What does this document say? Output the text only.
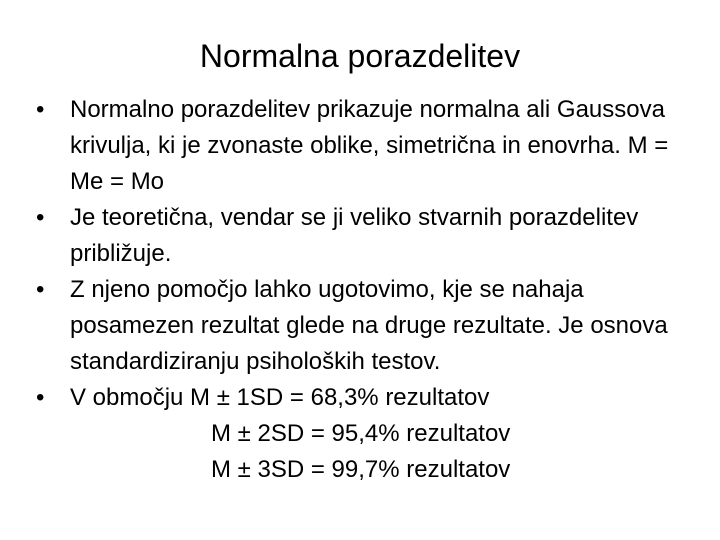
Normalna porazdelitev
•	Normalno porazdelitev prikazuje normalna ali Gaussova krivulja, ki je zvonaste oblike, simetrična in enovrha. M = Me = Mo
•	Je teoretična, vendar se ji veliko stvarnih porazdelitev približuje.
•	Z njeno pomočjo lahko ugotovimo, kje se nahaja posamezen rezultat glede na druge rezultate. Je osnova standardiziranju psiholoških testov.
•	V območju M ± 1SD = 68,3% rezultatov
M ± 2SD = 95,4% rezultatov
M ± 3SD = 99,7% rezultatov
